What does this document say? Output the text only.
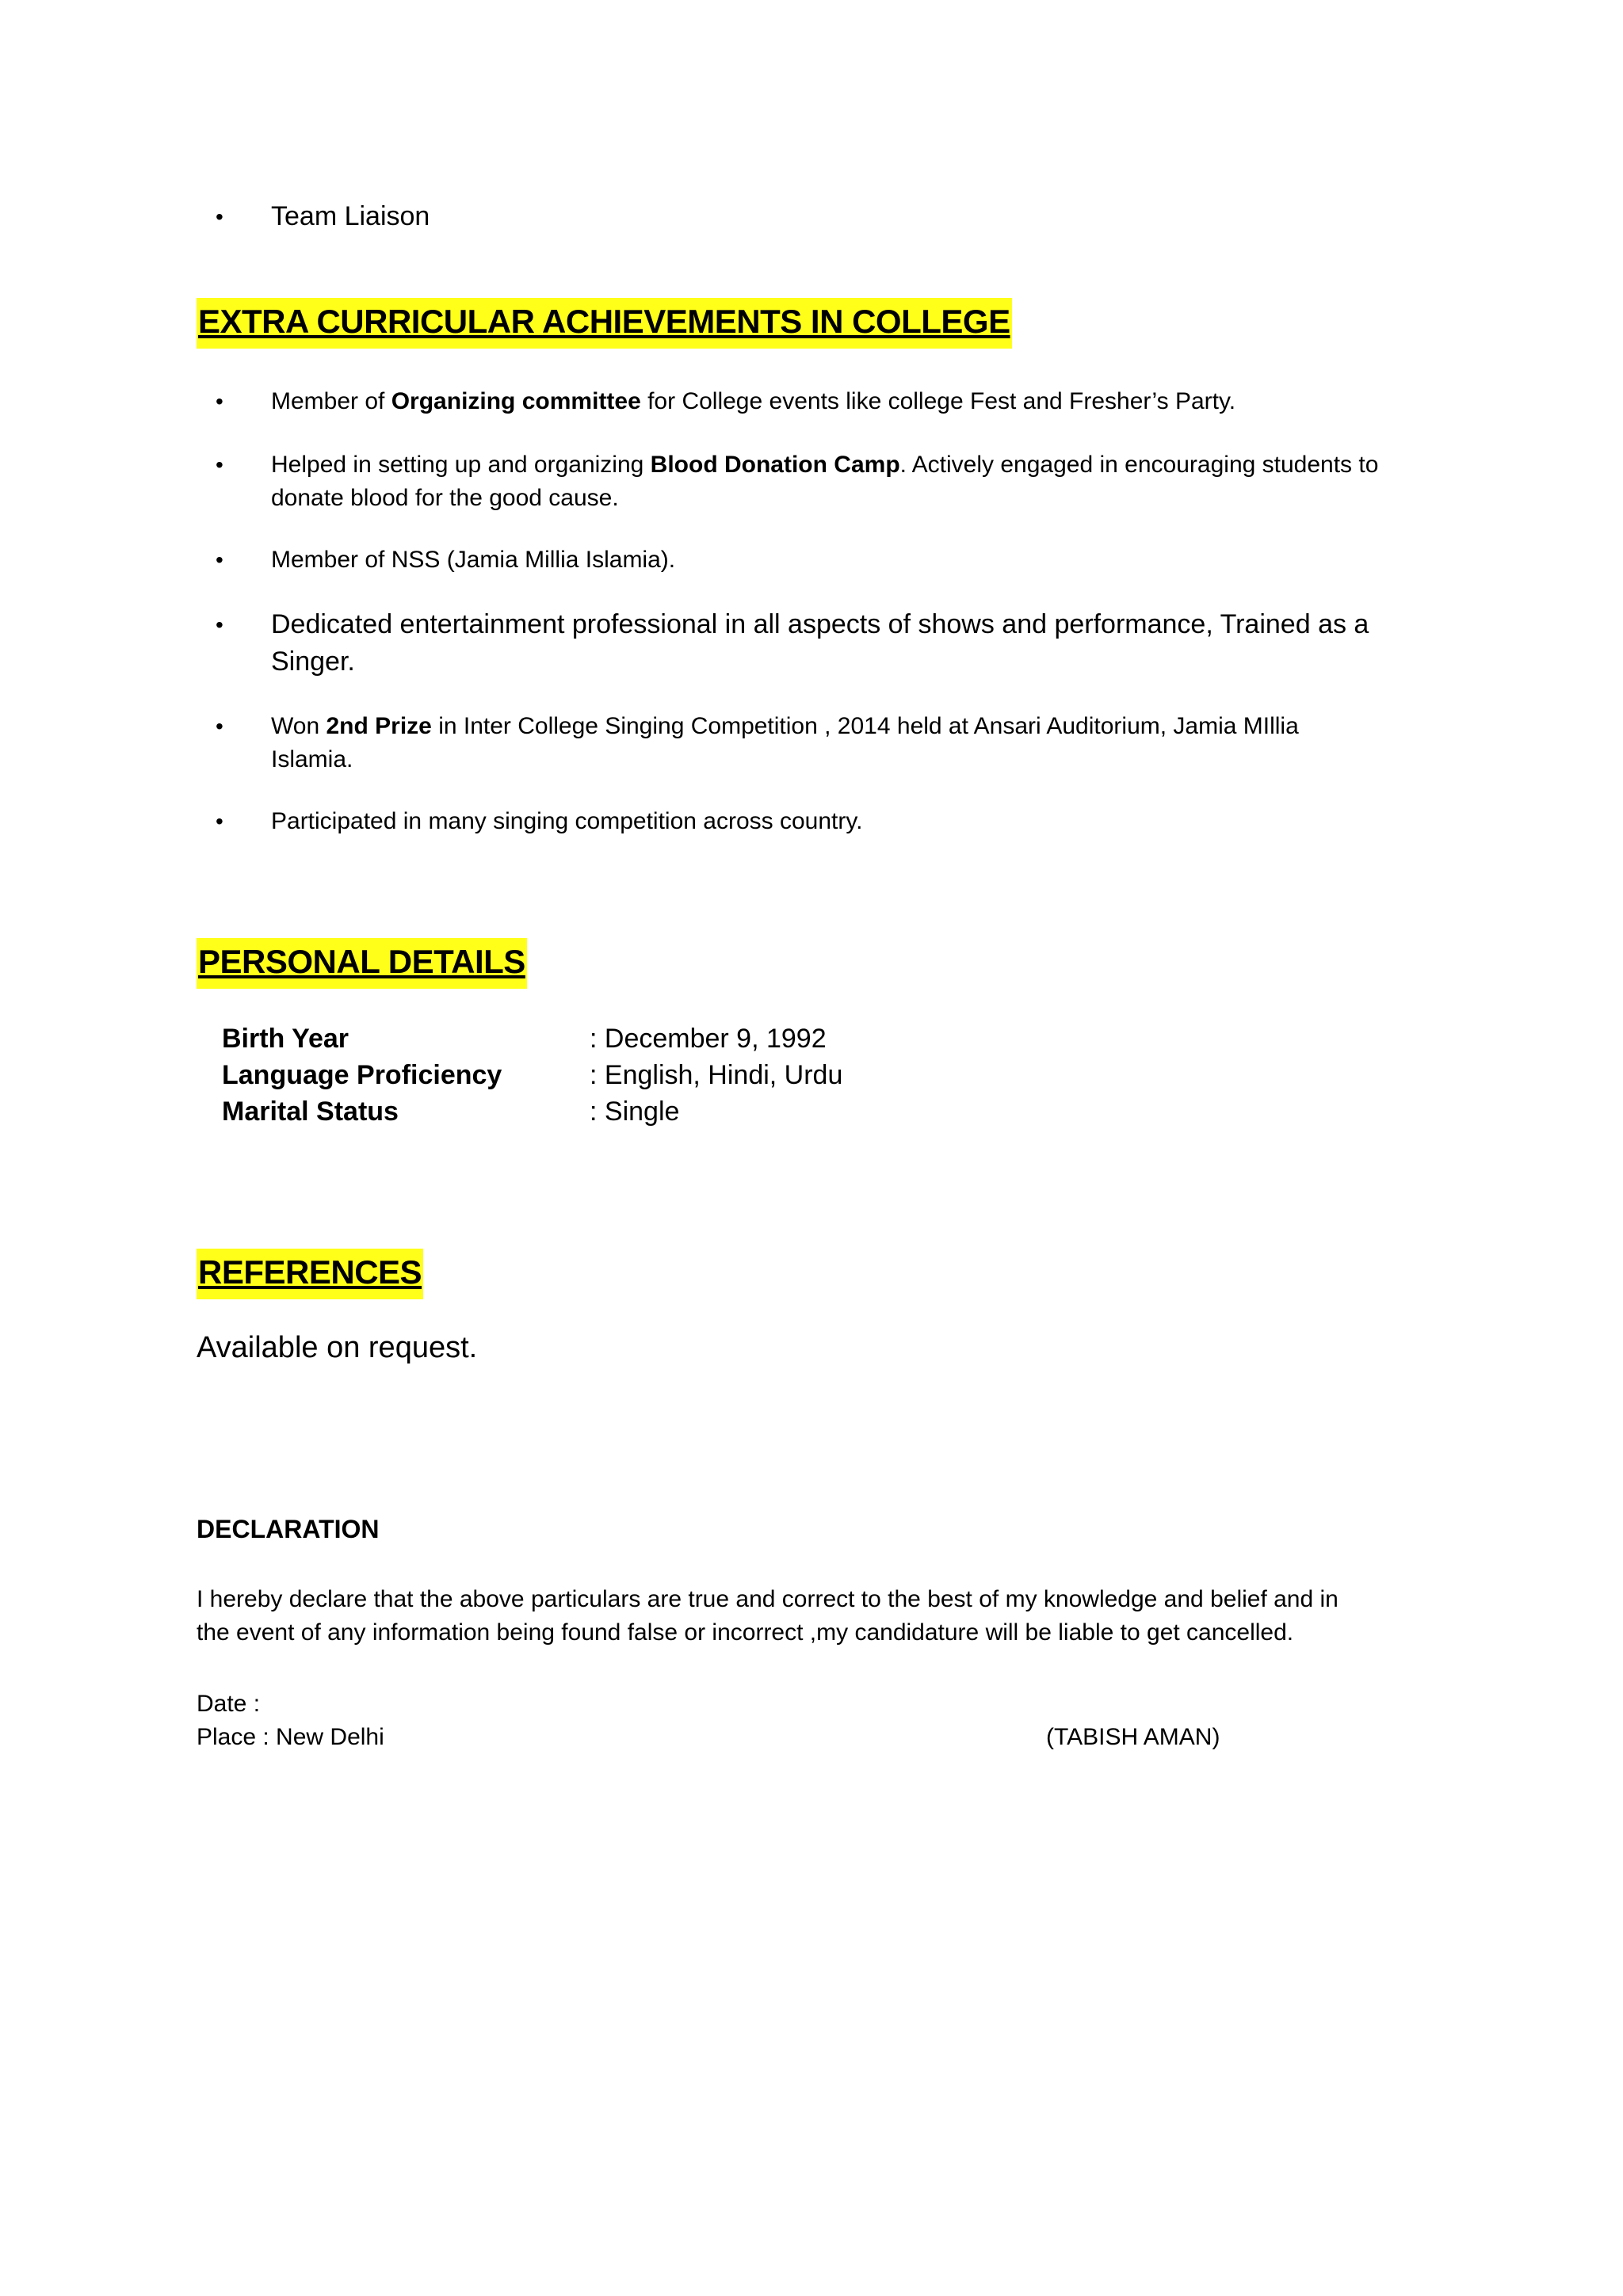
•	Team Liaison
EXTRA CURRICULAR ACHIEVEMENTS IN COLLEGE
•	Member of Organizing committee for College events like college Fest and Fresher’s Party.
•	Helped in setting up and organizing Blood Donation Camp. Actively engaged in encouraging students to
donate blood for the good cause.
•	Member of NSS (Jamia Millia Islamia).
•	Dedicated entertainment professional in all aspects of shows and performance, Trained as a
Singer.
•	Won 2nd Prize in Inter College Singing Competition , 2014 held at Ansari Auditorium, Jamia MIllia
Islamia.
•	Participated in many singing competition across country.
PERSONAL DETAILS
Birth Year	: December 9, 1992
Language Proficiency	: English, Hindi, Urdu
Marital Status	: Single
REFERENCES
Available on request.
DECLARATION
I hereby declare that the above particulars are true and correct to the best of my knowledge and belief and in
the event of any information being found false or incorrect ,my candidature will be liable to get cancelled.
Date :
Place : New Delhi	(TABISH AMAN)
